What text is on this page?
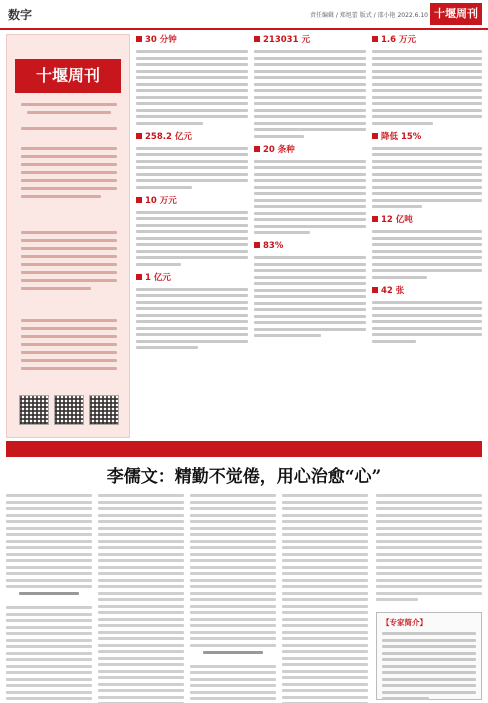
数字	责任编辑 / 郑旭蕾 版式 / 邵小艳 2022.6.10 十堰周刊
十堰周刊
30 分钟
258.2 亿元
10 万元
1 亿元
213031 元
20 条种
83%
1.6 万元
降低 15%
12 亿吨
42 张
李儒文：精勤不觉倦，用心治愈“心”
【专家简介】
